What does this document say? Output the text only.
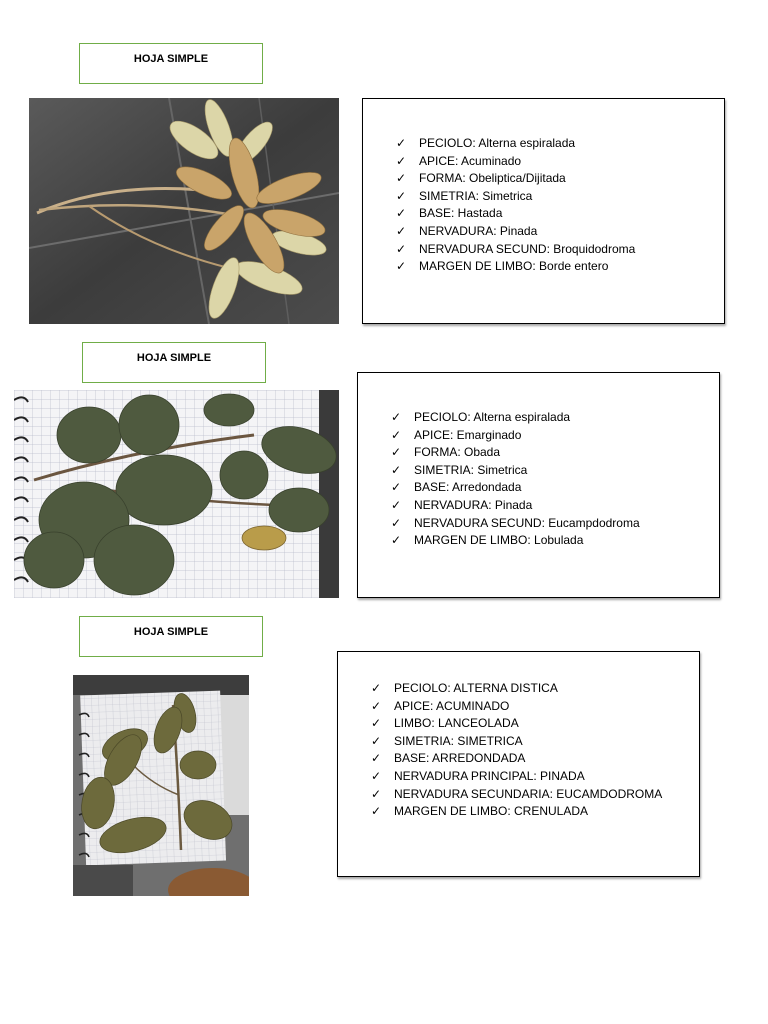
HOJA SIMPLE
✓ PECIOLO: Alterna espiralada
✓ APICE: Acuminado
✓ FORMA: Obeliptica/Dijitada
✓ SIMETRIA: Simetrica
✓ BASE: Hastada
✓ NERVADURA: Pinada
✓ NERVADURA SECUND: Broquidodroma
✓ MARGEN DE LIMBO: Borde entero
HOJA SIMPLE
✓ PECIOLO: Alterna espiralada
✓ APICE: Emarginado
✓ FORMA: Obada
✓ SIMETRIA: Simetrica
✓ BASE: Arredondada
✓ NERVADURA: Pinada
✓ NERVADURA SECUND: Eucampdodroma
✓ MARGEN DE LIMBO: Lobulada
HOJA SIMPLE
✓ PECIOLO: ALTERNA DISTICA
✓ APICE: ACUMINADO
✓ LIMBO: LANCEOLADA
✓ SIMETRIA: SIMETRICA
✓ BASE: ARREDONDADA
✓ NERVADURA PRINCIPAL: PINADA
✓ NERVADURA SECUNDARIA: EUCAMDODROMA
✓ MARGEN DE LIMBO: CRENULADA
